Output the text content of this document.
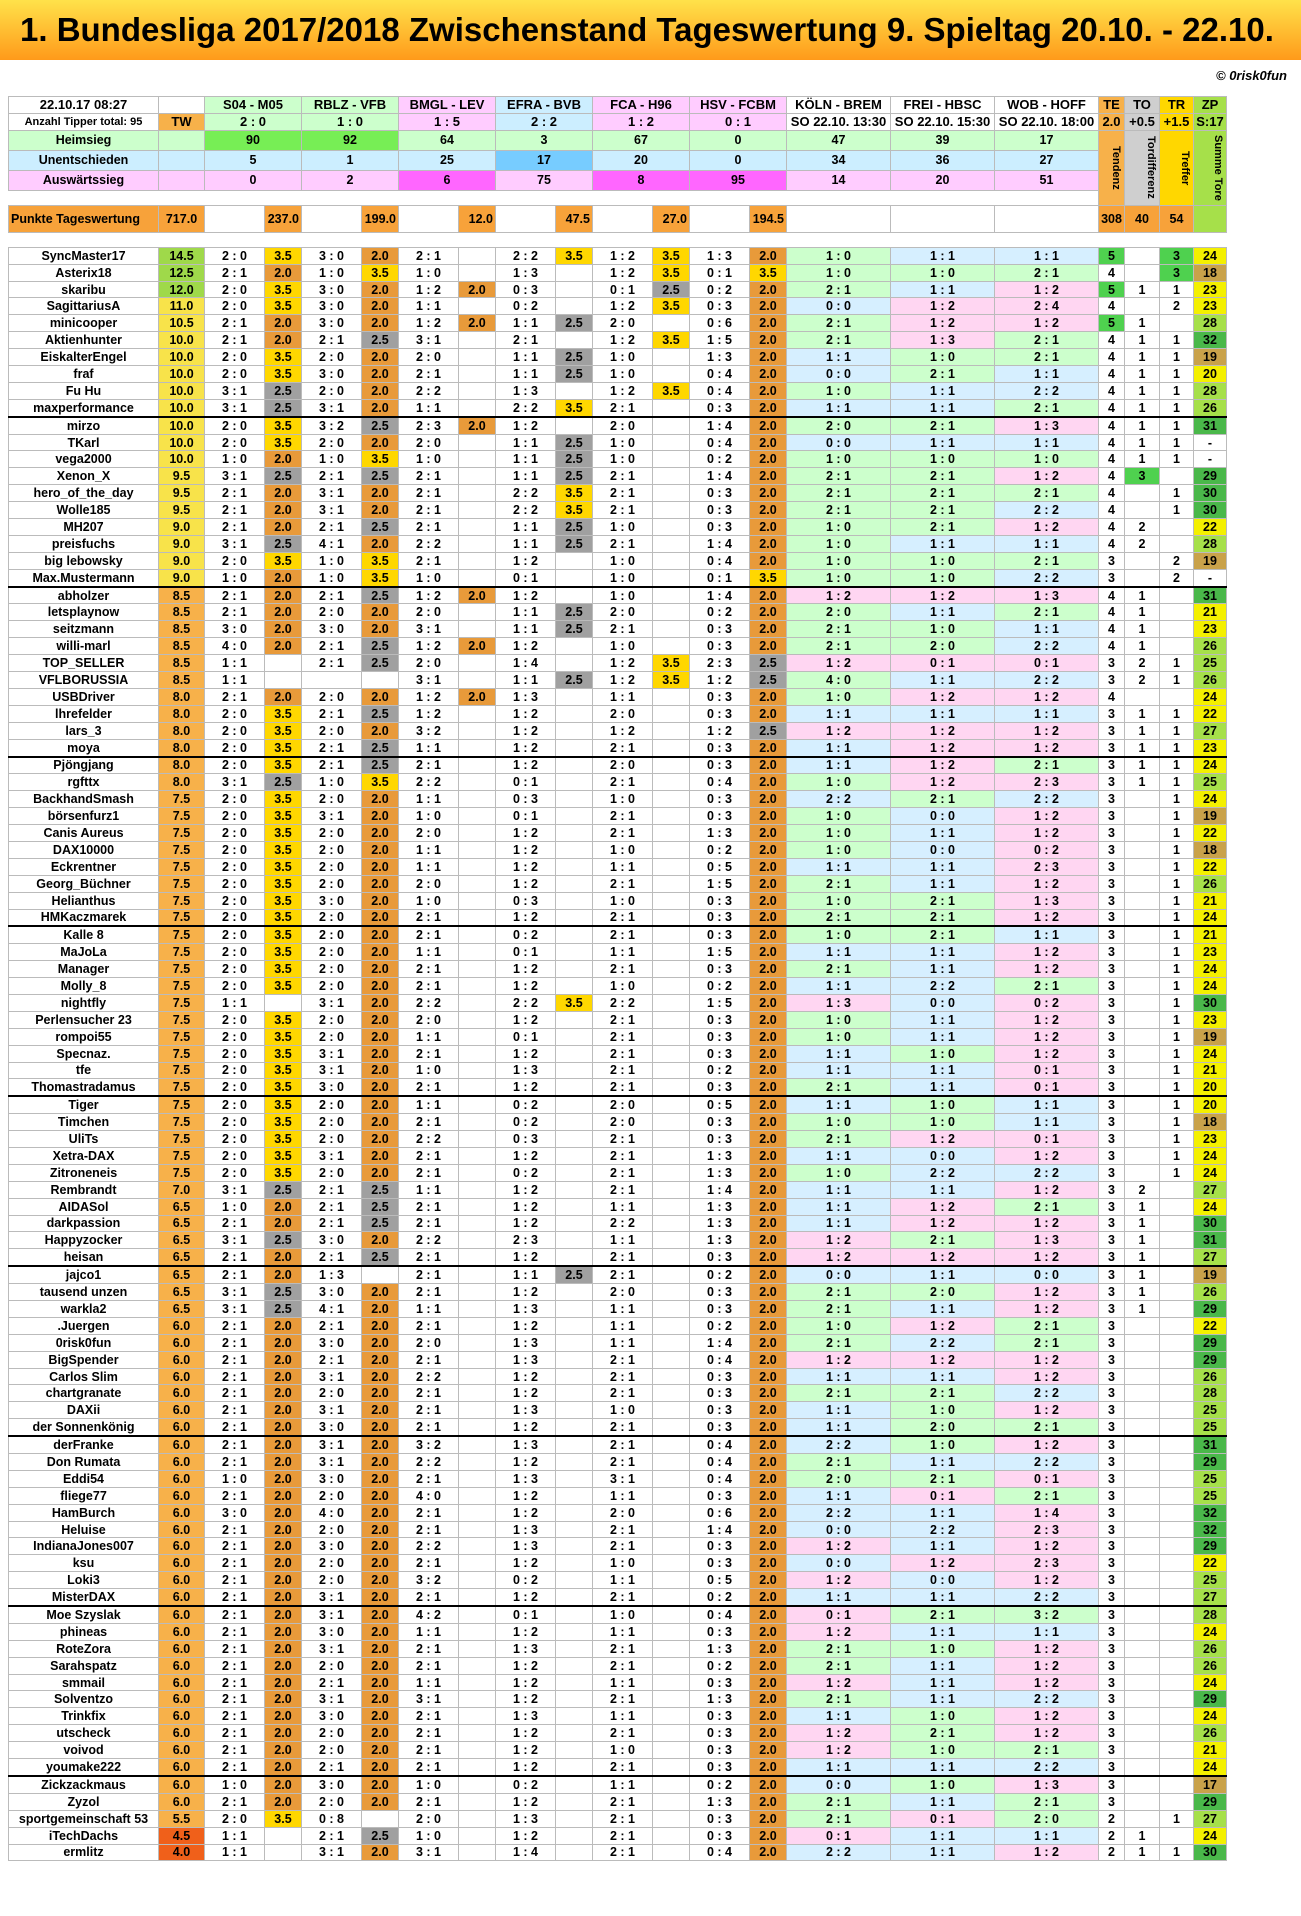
1. Bundesliga 2017/2018 Zwischenstand Tageswertung 9. Spieltag 20.10. - 22.10.
© 0risk0fun
22.10.17 08:27		S04 - M05		RBLZ - VFB		BMGL - LEV		EFRA - BVB		FCA - H96		HSV - FCBM		KÖLN - BREM	FREI - HBSC	WOB - HOFF	TE	TO	TR	ZP
Anzahl Tipper total: 95	TW	2 : 0		1 : 0		1 : 5		2 : 2		1 : 2		0 : 1		SO 22.10. 13:30	SO 22.10. 15:30	SO 22.10. 18:00	2.0	+0.5	+1.5	S:17
Heimsieg		90		92		64		3		67		0		47	39	17	Tendenz	Tordifferenz	Treffer	Summe Tore
Unentschieden		5		1		25		17		20		0		34	36	27				
Auswärtssieg		0		2		6		75		8		95		14	20	51				

Punkte Tageswertung	717.0		237.0		199.0		12.0		47.5		27.0		194.5				308	40	54	

SyncMaster17	14.5	2 : 0	3.5	3 : 0	2.0	2 : 1		2 : 2	3.5	1 : 2	3.5	1 : 3	2.0	1 : 0	1 : 1	1 : 1	5		3	24
Asterix18	12.5	2 : 1	2.0	1 : 0	3.5	1 : 0		1 : 3		1 : 2	3.5	0 : 1	3.5	1 : 0	1 : 0	2 : 1	4		3	18
skaribu	12.0	2 : 0	3.5	3 : 0	2.0	1 : 2	2.0	0 : 3		0 : 1	2.5	0 : 2	2.0	2 : 1	1 : 1	1 : 2	5	1	1	23
SagittariusA	11.0	2 : 0	3.5	3 : 0	2.0	1 : 1		0 : 2		1 : 2	3.5	0 : 3	2.0	0 : 0	1 : 2	2 : 4	4		2	23
minicooper	10.5	2 : 1	2.0	3 : 0	2.0	1 : 2	2.0	1 : 1	2.5	2 : 0		0 : 6	2.0	2 : 1	1 : 2	1 : 2	5	1		28
Aktienhunter	10.0	2 : 1	2.0	2 : 1	2.5	3 : 1		2 : 1		1 : 2	3.5	1 : 5	2.0	2 : 1	1 : 3	2 : 1	4	1	1	32
EiskalterEngel	10.0	2 : 0	3.5	2 : 0	2.0	2 : 0		1 : 1	2.5	1 : 0		1 : 3	2.0	1 : 1	1 : 0	2 : 1	4	1	1	19
fraf	10.0	2 : 0	3.5	3 : 0	2.0	2 : 1		1 : 1	2.5	1 : 0		0 : 4	2.0	0 : 0	2 : 1	1 : 1	4	1	1	20
Fu Hu	10.0	3 : 1	2.5	2 : 0	2.0	2 : 2		1 : 3		1 : 2	3.5	0 : 4	2.0	1 : 0	1 : 1	2 : 2	4	1	1	28
maxperformance	10.0	3 : 1	2.5	3 : 1	2.0	1 : 1		2 : 2	3.5	2 : 1		0 : 3	2.0	1 : 1	1 : 1	2 : 1	4	1	1	26
mirzo	10.0	2 : 0	3.5	3 : 2	2.5	2 : 3	2.0	1 : 2		2 : 0		1 : 4	2.0	2 : 0	2 : 1	1 : 3	4	1	1	31
TKarl	10.0	2 : 0	3.5	2 : 0	2.0	2 : 0		1 : 1	2.5	1 : 0		0 : 4	2.0	0 : 0	1 : 1	1 : 1	4	1	1	-
vega2000	10.0	1 : 0	2.0	1 : 0	3.5	1 : 0		1 : 1	2.5	1 : 0		0 : 2	2.0	1 : 0	1 : 0	1 : 0	4	1	1	-
Xenon_X	9.5	3 : 1	2.5	2 : 1	2.5	2 : 1		1 : 1	2.5	2 : 1		1 : 4	2.0	2 : 1	2 : 1	1 : 2	4	3		29
hero_of_the_day	9.5	2 : 1	2.0	3 : 1	2.0	2 : 1		2 : 2	3.5	2 : 1		0 : 3	2.0	2 : 1	2 : 1	2 : 1	4		1	30
Wolle185	9.5	2 : 1	2.0	3 : 1	2.0	2 : 1		2 : 2	3.5	2 : 1		0 : 3	2.0	2 : 1	2 : 1	2 : 2	4		1	30
MH207	9.0	2 : 1	2.0	2 : 1	2.5	2 : 1		1 : 1	2.5	1 : 0		0 : 3	2.0	1 : 0	2 : 1	1 : 2	4	2		22
preisfuchs	9.0	3 : 1	2.5	4 : 1	2.0	2 : 2		1 : 1	2.5	2 : 1		1 : 4	2.0	1 : 0	1 : 1	1 : 1	4	2		28
big lebowsky	9.0	2 : 0	3.5	1 : 0	3.5	2 : 1		1 : 2		1 : 0		0 : 4	2.0	1 : 0	1 : 0	2 : 1	3		2	19
Max.Mustermann	9.0	1 : 0	2.0	1 : 0	3.5	1 : 0		0 : 1		1 : 0		0 : 1	3.5	1 : 0	1 : 0	2 : 2	3		2	-
abholzer	8.5	2 : 1	2.0	2 : 1	2.5	1 : 2	2.0	1 : 2		1 : 0		1 : 4	2.0	1 : 2	1 : 2	1 : 3	4	1		31
letsplaynow	8.5	2 : 1	2.0	2 : 0	2.0	2 : 0		1 : 1	2.5	2 : 0		0 : 2	2.0	2 : 0	1 : 1	2 : 1	4	1		21
seitzmann	8.5	3 : 0	2.0	3 : 0	2.0	3 : 1		1 : 1	2.5	2 : 1		0 : 3	2.0	2 : 1	1 : 0	1 : 1	4	1		23
willi-marl	8.5	4 : 0	2.0	2 : 1	2.5	1 : 2	2.0	1 : 2		1 : 0		0 : 3	2.0	2 : 1	2 : 0	2 : 2	4	1		26
TOP_SELLER	8.5	1 : 1		2 : 1	2.5	2 : 0		1 : 4		1 : 2	3.5	2 : 3	2.5	1 : 2	0 : 1	0 : 1	3	2	1	25
VFLBORUSSIA	8.5	1 : 1				3 : 1		1 : 1	2.5	1 : 2	3.5	1 : 2	2.5	4 : 0	1 : 1	2 : 2	3	2	1	26
USBDriver	8.0	2 : 1	2.0	2 : 0	2.0	1 : 2	2.0	1 : 3		1 : 1		0 : 3	2.0	1 : 0	1 : 2	1 : 2	4			24
lhrefelder	8.0	2 : 0	3.5	2 : 1	2.5	1 : 2		1 : 2		2 : 0		0 : 3	2.0	1 : 1	1 : 1	1 : 1	3	1	1	22
lars_3	8.0	2 : 0	3.5	2 : 0	2.0	3 : 2		1 : 2		1 : 2		1 : 2	2.5	1 : 2	1 : 2	1 : 2	3	1	1	27
moya	8.0	2 : 0	3.5	2 : 1	2.5	1 : 1		1 : 2		2 : 1		0 : 3	2.0	1 : 1	1 : 2	1 : 2	3	1	1	23
Pjöngjang	8.0	2 : 0	3.5	2 : 1	2.5	2 : 1		1 : 2		2 : 0		0 : 3	2.0	1 : 1	1 : 2	2 : 1	3	1	1	24
rgfttx	8.0	3 : 1	2.5	1 : 0	3.5	2 : 2		0 : 1		2 : 1		0 : 4	2.0	1 : 0	1 : 2	2 : 3	3	1	1	25
BackhandSmash	7.5	2 : 0	3.5	2 : 0	2.0	1 : 1		0 : 3		1 : 0		0 : 3	2.0	2 : 2	2 : 1	2 : 2	3		1	24
börsenfurz1	7.5	2 : 0	3.5	3 : 1	2.0	1 : 0		0 : 1		2 : 1		0 : 3	2.0	1 : 0	0 : 0	1 : 2	3		1	19
Canis Aureus	7.5	2 : 0	3.5	2 : 0	2.0	2 : 0		1 : 2		2 : 1		1 : 3	2.0	1 : 0	1 : 1	1 : 2	3		1	22
DAX10000	7.5	2 : 0	3.5	2 : 0	2.0	1 : 1		1 : 2		1 : 0		0 : 2	2.0	1 : 0	0 : 0	0 : 2	3		1	18
Eckrentner	7.5	2 : 0	3.5	2 : 0	2.0	1 : 1		1 : 2		1 : 1		0 : 5	2.0	1 : 1	1 : 1	2 : 3	3		1	22
Georg_Büchner	7.5	2 : 0	3.5	2 : 0	2.0	2 : 0		1 : 2		2 : 1		1 : 5	2.0	2 : 1	1 : 1	1 : 2	3		1	26
Helianthus	7.5	2 : 0	3.5	3 : 0	2.0	1 : 0		0 : 3		1 : 0		0 : 3	2.0	1 : 0	2 : 1	1 : 3	3		1	21
HMKaczmarek	7.5	2 : 0	3.5	2 : 0	2.0	2 : 1		1 : 2		2 : 1		0 : 3	2.0	2 : 1	2 : 1	1 : 2	3		1	24
Kalle 8	7.5	2 : 0	3.5	2 : 0	2.0	2 : 1		0 : 2		2 : 1		0 : 3	2.0	1 : 0	2 : 1	1 : 1	3		1	21
MaJoLa	7.5	2 : 0	3.5	2 : 0	2.0	1 : 1		0 : 1		1 : 1		1 : 5	2.0	1 : 1	1 : 1	1 : 2	3		1	23
Manager	7.5	2 : 0	3.5	2 : 0	2.0	2 : 1		1 : 2		2 : 1		0 : 3	2.0	2 : 1	1 : 1	1 : 2	3		1	24
Molly_8	7.5	2 : 0	3.5	2 : 0	2.0	2 : 1		1 : 2		1 : 0		0 : 2	2.0	1 : 1	2 : 2	2 : 1	3		1	24
nightfly	7.5	1 : 1		3 : 1	2.0	2 : 2		2 : 2	3.5	2 : 2		1 : 5	2.0	1 : 3	0 : 0	0 : 2	3		1	30
Perlensucher 23	7.5	2 : 0	3.5	2 : 0	2.0	2 : 0		1 : 2		2 : 1		0 : 3	2.0	1 : 0	1 : 1	1 : 2	3		1	23
rompoi55	7.5	2 : 0	3.5	2 : 0	2.0	1 : 1		0 : 1		2 : 1		0 : 3	2.0	1 : 0	1 : 1	1 : 2	3		1	19
Specnaz.	7.5	2 : 0	3.5	3 : 1	2.0	2 : 1		1 : 2		2 : 1		0 : 3	2.0	1 : 1	1 : 0	1 : 2	3		1	24
tfe	7.5	2 : 0	3.5	3 : 1	2.0	1 : 0		1 : 3		2 : 1		0 : 2	2.0	1 : 1	1 : 1	0 : 1	3		1	21
Thomastradamus	7.5	2 : 0	3.5	3 : 0	2.0	2 : 1		1 : 2		2 : 1		0 : 3	2.0	2 : 1	1 : 1	0 : 1	3		1	20
Tiger	7.5	2 : 0	3.5	2 : 0	2.0	1 : 1		0 : 2		2 : 0		0 : 5	2.0	1 : 1	1 : 0	1 : 1	3		1	20
Timchen	7.5	2 : 0	3.5	2 : 0	2.0	2 : 1		0 : 2		2 : 0		0 : 3	2.0	1 : 0	1 : 0	1 : 1	3		1	18
UliTs	7.5	2 : 0	3.5	2 : 0	2.0	2 : 2		0 : 3		2 : 1		0 : 3	2.0	2 : 1	1 : 2	0 : 1	3		1	23
Xetra-DAX	7.5	2 : 0	3.5	3 : 1	2.0	2 : 1		1 : 2		2 : 1		1 : 3	2.0	1 : 1	0 : 0	1 : 2	3		1	24
Zitroneneis	7.5	2 : 0	3.5	2 : 0	2.0	2 : 1		0 : 2		2 : 1		1 : 3	2.0	1 : 0	2 : 2	2 : 2	3		1	24
Rembrandt	7.0	3 : 1	2.5	2 : 1	2.5	1 : 1		1 : 2		2 : 1		1 : 4	2.0	1 : 1	1 : 1	1 : 2	3	2		27
AIDASol	6.5	1 : 0	2.0	2 : 1	2.5	2 : 1		1 : 2		1 : 1		1 : 3	2.0	1 : 1	1 : 2	2 : 1	3	1		24
darkpassion	6.5	2 : 1	2.0	2 : 1	2.5	2 : 1		1 : 2		2 : 2		1 : 3	2.0	1 : 1	1 : 2	1 : 2	3	1		30
Happyzocker	6.5	3 : 1	2.5	3 : 0	2.0	2 : 2		2 : 3		1 : 1		1 : 3	2.0	1 : 2	2 : 1	1 : 3	3	1		31
heisan	6.5	2 : 1	2.0	2 : 1	2.5	2 : 1		1 : 2		2 : 1		0 : 3	2.0	1 : 2	1 : 2	1 : 2	3	1		27
jajco1	6.5	2 : 1	2.0	1 : 3		2 : 1		1 : 1	2.5	2 : 1		0 : 2	2.0	0 : 0	1 : 1	0 : 0	3	1		19
tausend unzen	6.5	3 : 1	2.5	3 : 0	2.0	2 : 1		1 : 2		2 : 0		0 : 3	2.0	2 : 1	2 : 0	1 : 2	3	1		26
warkla2	6.5	3 : 1	2.5	4 : 1	2.0	1 : 1		1 : 3		1 : 1		0 : 3	2.0	2 : 1	1 : 1	1 : 2	3	1		29
.Juergen	6.0	2 : 1	2.0	2 : 1	2.0	2 : 1		1 : 2		1 : 1		0 : 2	2.0	1 : 0	1 : 2	2 : 1	3			22
0risk0fun	6.0	2 : 1	2.0	3 : 0	2.0	2 : 0		1 : 3		1 : 1		1 : 4	2.0	2 : 1	2 : 2	2 : 1	3			29
BigSpender	6.0	2 : 1	2.0	2 : 1	2.0	2 : 1		1 : 3		2 : 1		0 : 4	2.0	1 : 2	1 : 2	1 : 2	3			29
Carlos Slim	6.0	2 : 1	2.0	3 : 1	2.0	2 : 2		1 : 2		2 : 1		0 : 3	2.0	1 : 1	1 : 1	1 : 2	3			26
chartgranate	6.0	2 : 1	2.0	2 : 0	2.0	2 : 1		1 : 2		2 : 1		0 : 3	2.0	2 : 1	2 : 1	2 : 2	3			28
DAXii	6.0	2 : 1	2.0	3 : 1	2.0	2 : 1		1 : 3		1 : 0		0 : 3	2.0	1 : 1	1 : 0	1 : 2	3			25
der Sonnenkönig	6.0	2 : 1	2.0	3 : 0	2.0	2 : 1		1 : 2		2 : 1		0 : 3	2.0	1 : 1	2 : 0	2 : 1	3			25
derFranke	6.0	2 : 1	2.0	3 : 1	2.0	3 : 2		1 : 3		2 : 1		0 : 4	2.0	2 : 2	1 : 0	1 : 2	3			31
Don Rumata	6.0	2 : 1	2.0	3 : 1	2.0	2 : 2		1 : 2		2 : 1		0 : 4	2.0	2 : 1	1 : 1	2 : 2	3			29
Eddi54	6.0	1 : 0	2.0	3 : 0	2.0	2 : 1		1 : 3		3 : 1		0 : 4	2.0	2 : 0	2 : 1	0 : 1	3			25
fliege77	6.0	2 : 1	2.0	2 : 0	2.0	4 : 0		1 : 2		1 : 1		0 : 3	2.0	1 : 1	0 : 1	2 : 1	3			25
HamBurch	6.0	3 : 0	2.0	4 : 0	2.0	2 : 1		1 : 2		2 : 0		0 : 6	2.0	2 : 2	1 : 1	1 : 4	3			32
Heluise	6.0	2 : 1	2.0	2 : 0	2.0	2 : 1		1 : 3		2 : 1		1 : 4	2.0	0 : 0	2 : 2	2 : 3	3			32
IndianaJones007	6.0	2 : 1	2.0	3 : 0	2.0	2 : 2		1 : 3		2 : 1		0 : 3	2.0	1 : 2	1 : 1	1 : 2	3			29
ksu	6.0	2 : 1	2.0	2 : 0	2.0	2 : 1		1 : 2		1 : 0		0 : 3	2.0	0 : 0	1 : 2	2 : 3	3			22
Loki3	6.0	2 : 1	2.0	2 : 0	2.0	3 : 2		0 : 2		1 : 1		0 : 5	2.0	1 : 2	0 : 0	1 : 2	3			25
MisterDAX	6.0	2 : 1	2.0	3 : 1	2.0	2 : 1		1 : 2		2 : 1		0 : 2	2.0	1 : 1	1 : 1	2 : 2	3			27
Moe Szyslak	6.0	2 : 1	2.0	3 : 1	2.0	4 : 2		0 : 1		1 : 0		0 : 4	2.0	0 : 1	2 : 1	3 : 2	3			28
phineas	6.0	2 : 1	2.0	3 : 0	2.0	1 : 1		1 : 2		1 : 1		0 : 3	2.0	1 : 2	1 : 1	1 : 1	3			24
RoteZora	6.0	2 : 1	2.0	3 : 1	2.0	2 : 1		1 : 3		2 : 1		1 : 3	2.0	2 : 1	1 : 0	1 : 2	3			26
Sarahspatz	6.0	2 : 1	2.0	2 : 0	2.0	2 : 1		1 : 2		2 : 1		0 : 2	2.0	2 : 1	1 : 1	1 : 2	3			26
smmail	6.0	2 : 1	2.0	2 : 1	2.0	1 : 1		1 : 2		1 : 1		0 : 3	2.0	1 : 2	1 : 1	1 : 2	3			24
Solventzo	6.0	2 : 1	2.0	3 : 1	2.0	3 : 1		1 : 2		2 : 1		1 : 3	2.0	2 : 1	1 : 1	2 : 2	3			29
Trinkfix	6.0	2 : 1	2.0	3 : 0	2.0	2 : 1		1 : 3		1 : 1		0 : 3	2.0	1 : 1	1 : 0	1 : 2	3			24
utscheck	6.0	2 : 1	2.0	2 : 0	2.0	2 : 1		1 : 2		2 : 1		0 : 3	2.0	1 : 2	2 : 1	1 : 2	3			26
voivod	6.0	2 : 1	2.0	2 : 0	2.0	2 : 1		1 : 2		1 : 0		0 : 3	2.0	1 : 2	1 : 0	2 : 1	3			21
youmake222	6.0	2 : 1	2.0	2 : 1	2.0	2 : 1		1 : 2		2 : 1		0 : 3	2.0	1 : 1	1 : 1	2 : 2	3			24
Zickzackmaus	6.0	1 : 0	2.0	3 : 0	2.0	1 : 0		0 : 2		1 : 1		0 : 2	2.0	0 : 0	1 : 0	1 : 3	3			17
Zyzol	6.0	2 : 1	2.0	2 : 0	2.0	2 : 1		1 : 2		2 : 1		1 : 3	2.0	2 : 1	1 : 1	2 : 1	3			29
sportgemeinschaft 53	5.5	2 : 0	3.5	0 : 8		2 : 0		1 : 3		2 : 1		0 : 3	2.0	2 : 1	0 : 1	2 : 0	2		1	27
iTechDachs	4.5	1 : 1		2 : 1	2.5	1 : 0		1 : 2		2 : 1		0 : 3	2.0	0 : 1	1 : 1	1 : 1	2	1		24
ermlitz	4.0	1 : 1		3 : 1	2.0	3 : 1		1 : 4		2 : 1		0 : 4	2.0	2 : 2	1 : 1	1 : 2	2	1	1	30
